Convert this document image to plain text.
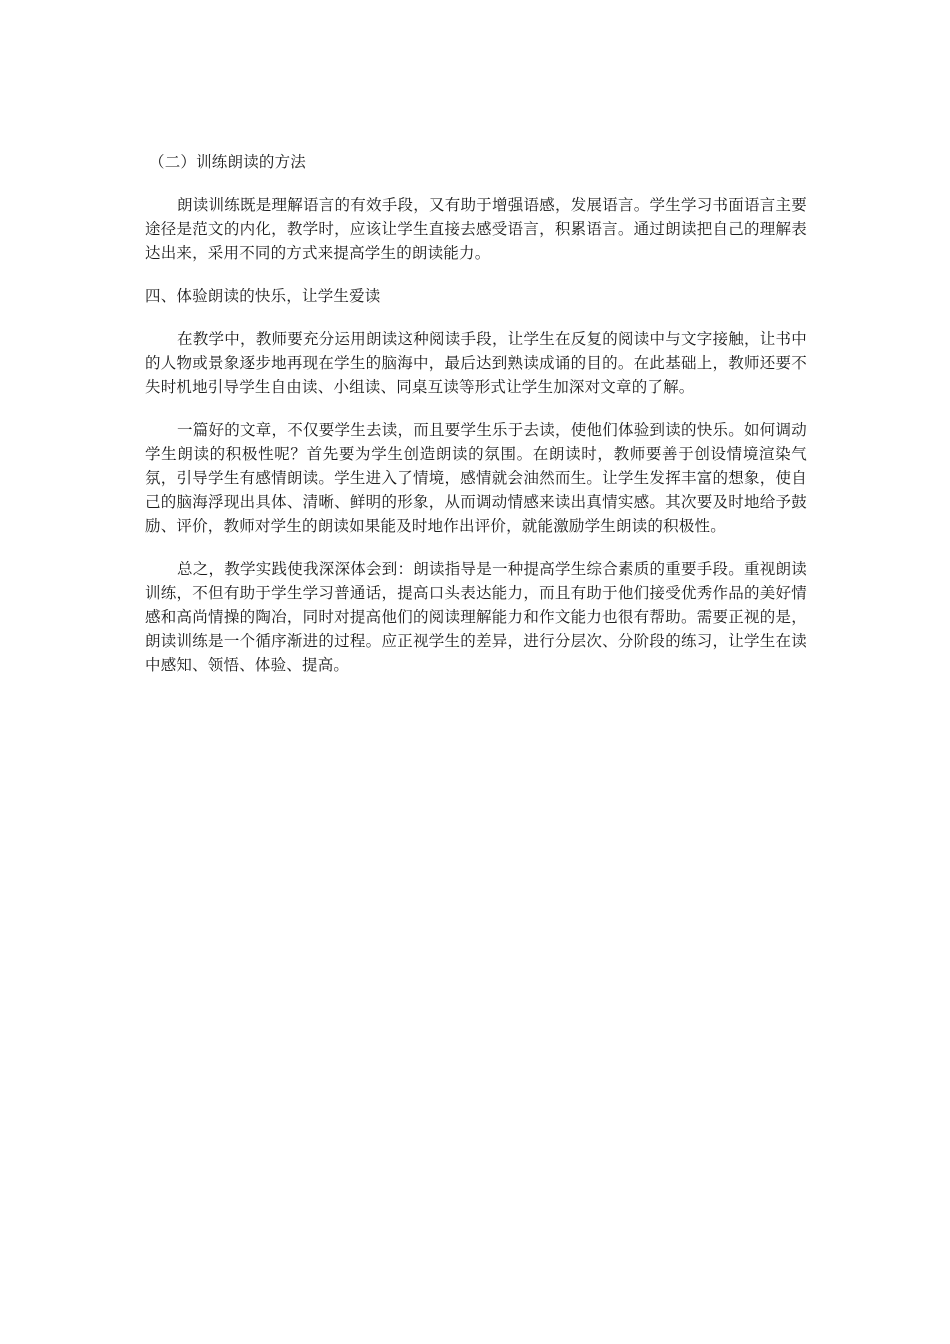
（二）训练朗读的方法
朗读训练既是理解语言的有效手段，又有助于增强语感，发展语言。学生学习书面语言主要途径是范文的内化，教学时，应该让学生直接去感受语言，积累语言。通过朗读把自己的理解表达出来，采用不同的方式来提高学生的朗读能力。
四、体验朗读的快乐，让学生爱读
在教学中，教师要充分运用朗读这种阅读手段，让学生在反复的阅读中与文字接触，让书中的人物或景象逐步地再现在学生的脑海中，最后达到熟读成诵的目的。在此基础上，教师还要不失时机地引导学生自由读、小组读、同桌互读等形式让学生加深对文章的了解。
一篇好的文章，不仅要学生去读，而且要学生乐于去读，使他们体验到读的快乐。如何调动学生朗读的积极性呢？首先要为学生创造朗读的氛围。在朗读时，教师要善于创设情境渲染气氛，引导学生有感情朗读。学生进入了情境，感情就会油然而生。让学生发挥丰富的想象，使自己的脑海浮现出具体、清晰、鲜明的形象，从而调动情感来读出真情实感。其次要及时地给予鼓励、评价，教师对学生的朗读如果能及时地作出评价，就能激励学生朗读的积极性。
总之，教学实践使我深深体会到：朗读指导是一种提高学生综合素质的重要手段。重视朗读训练，不但有助于学生学习普通话，提高口头表达能力，而且有助于他们接受优秀作品的美好情感和高尚情操的陶冶，同时对提高他们的阅读理解能力和作文能力也很有帮助。需要正视的是，朗读训练是一个循序渐进的过程。应正视学生的差异，进行分层次、分阶段的练习，让学生在读中感知、领悟、体验、提高。
